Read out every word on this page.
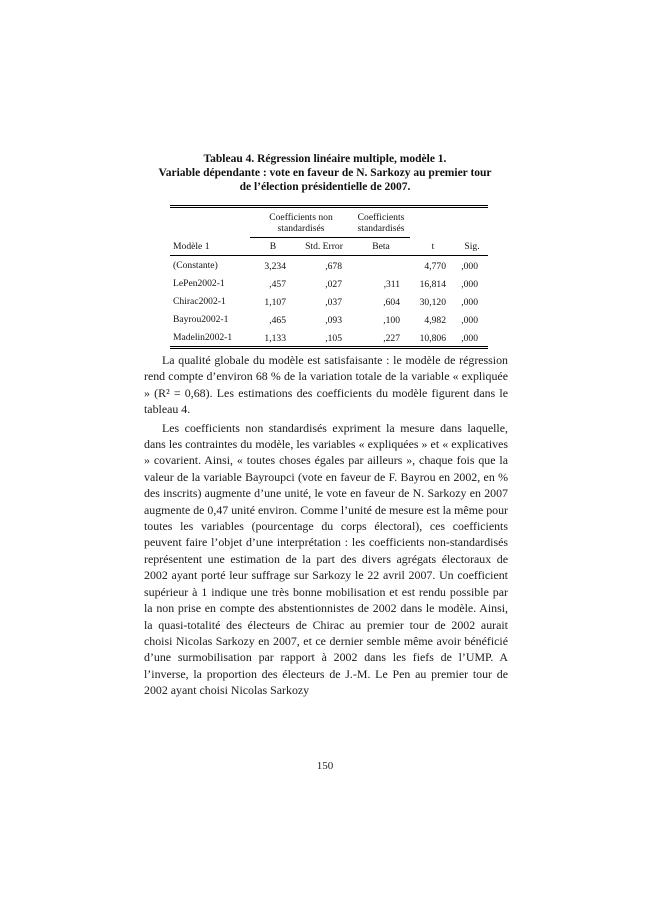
Tableau 4. Régression linéaire multiple, modèle 1.
Variable dépendante : vote en faveur de N. Sarkozy au premier tour
de l’élection présidentielle de 2007.
	Coefficients non standardisés		Coefficients standardisés		
Modèle 1	B	Std. Error	Beta	t	Sig.
(Constante)	3,234	,678		4,770	,000
LePen2002-1	,457	,027	,311	16,814	,000
Chirac2002-1	1,107	,037	,604	30,120	,000
Bayrou2002-1	,465	,093	,100	4,982	,000
Madelin2002-1	1,133	,105	,227	10,806	,000

La qualité globale du modèle est satisfaisante : le modèle de régression rend compte d’environ 68 % de la variation totale de la variable « expliquée » (R² = 0,68). Les estimations des coefficients du modèle figurent dans le tableau 4.

Les coefficients non standardisés expriment la mesure dans laquelle, dans les contraintes du modèle, les variables « expliquées » et « explicatives » covarient. Ainsi, « toutes choses égales par ailleurs », chaque fois que la valeur de la variable Bayroupci (vote en faveur de F. Bayrou en 2002, en % des inscrits) augmente d’une unité, le vote en faveur de N. Sarkozy en 2007 augmente de 0,47 unité environ. Comme l’unité de mesure est la même pour toutes les variables (pourcentage du corps électoral), ces coefficients peuvent faire l’objet d’une interprétation : les coefficients non-standardisés représentent une estimation de la part des divers agrégats électoraux de 2002 ayant porté leur suffrage sur Sarkozy le 22 avril 2007. Un coefficient supérieur à 1 indique une très bonne mobilisation et est rendu possible par la non prise en compte des abstentionnistes de 2002 dans le modèle. Ainsi, la quasi-totalité des électeurs de Chirac au premier tour de 2002 aurait choisi Nicolas Sarkozy en 2007, et ce dernier semble même avoir bénéficié d’une surmobilisation par rapport à 2002 dans les fiefs de l’UMP. A l’inverse, la proportion des électeurs de J.-M. Le Pen au premier tour de 2002 ayant choisi Nicolas Sarkozy

150
